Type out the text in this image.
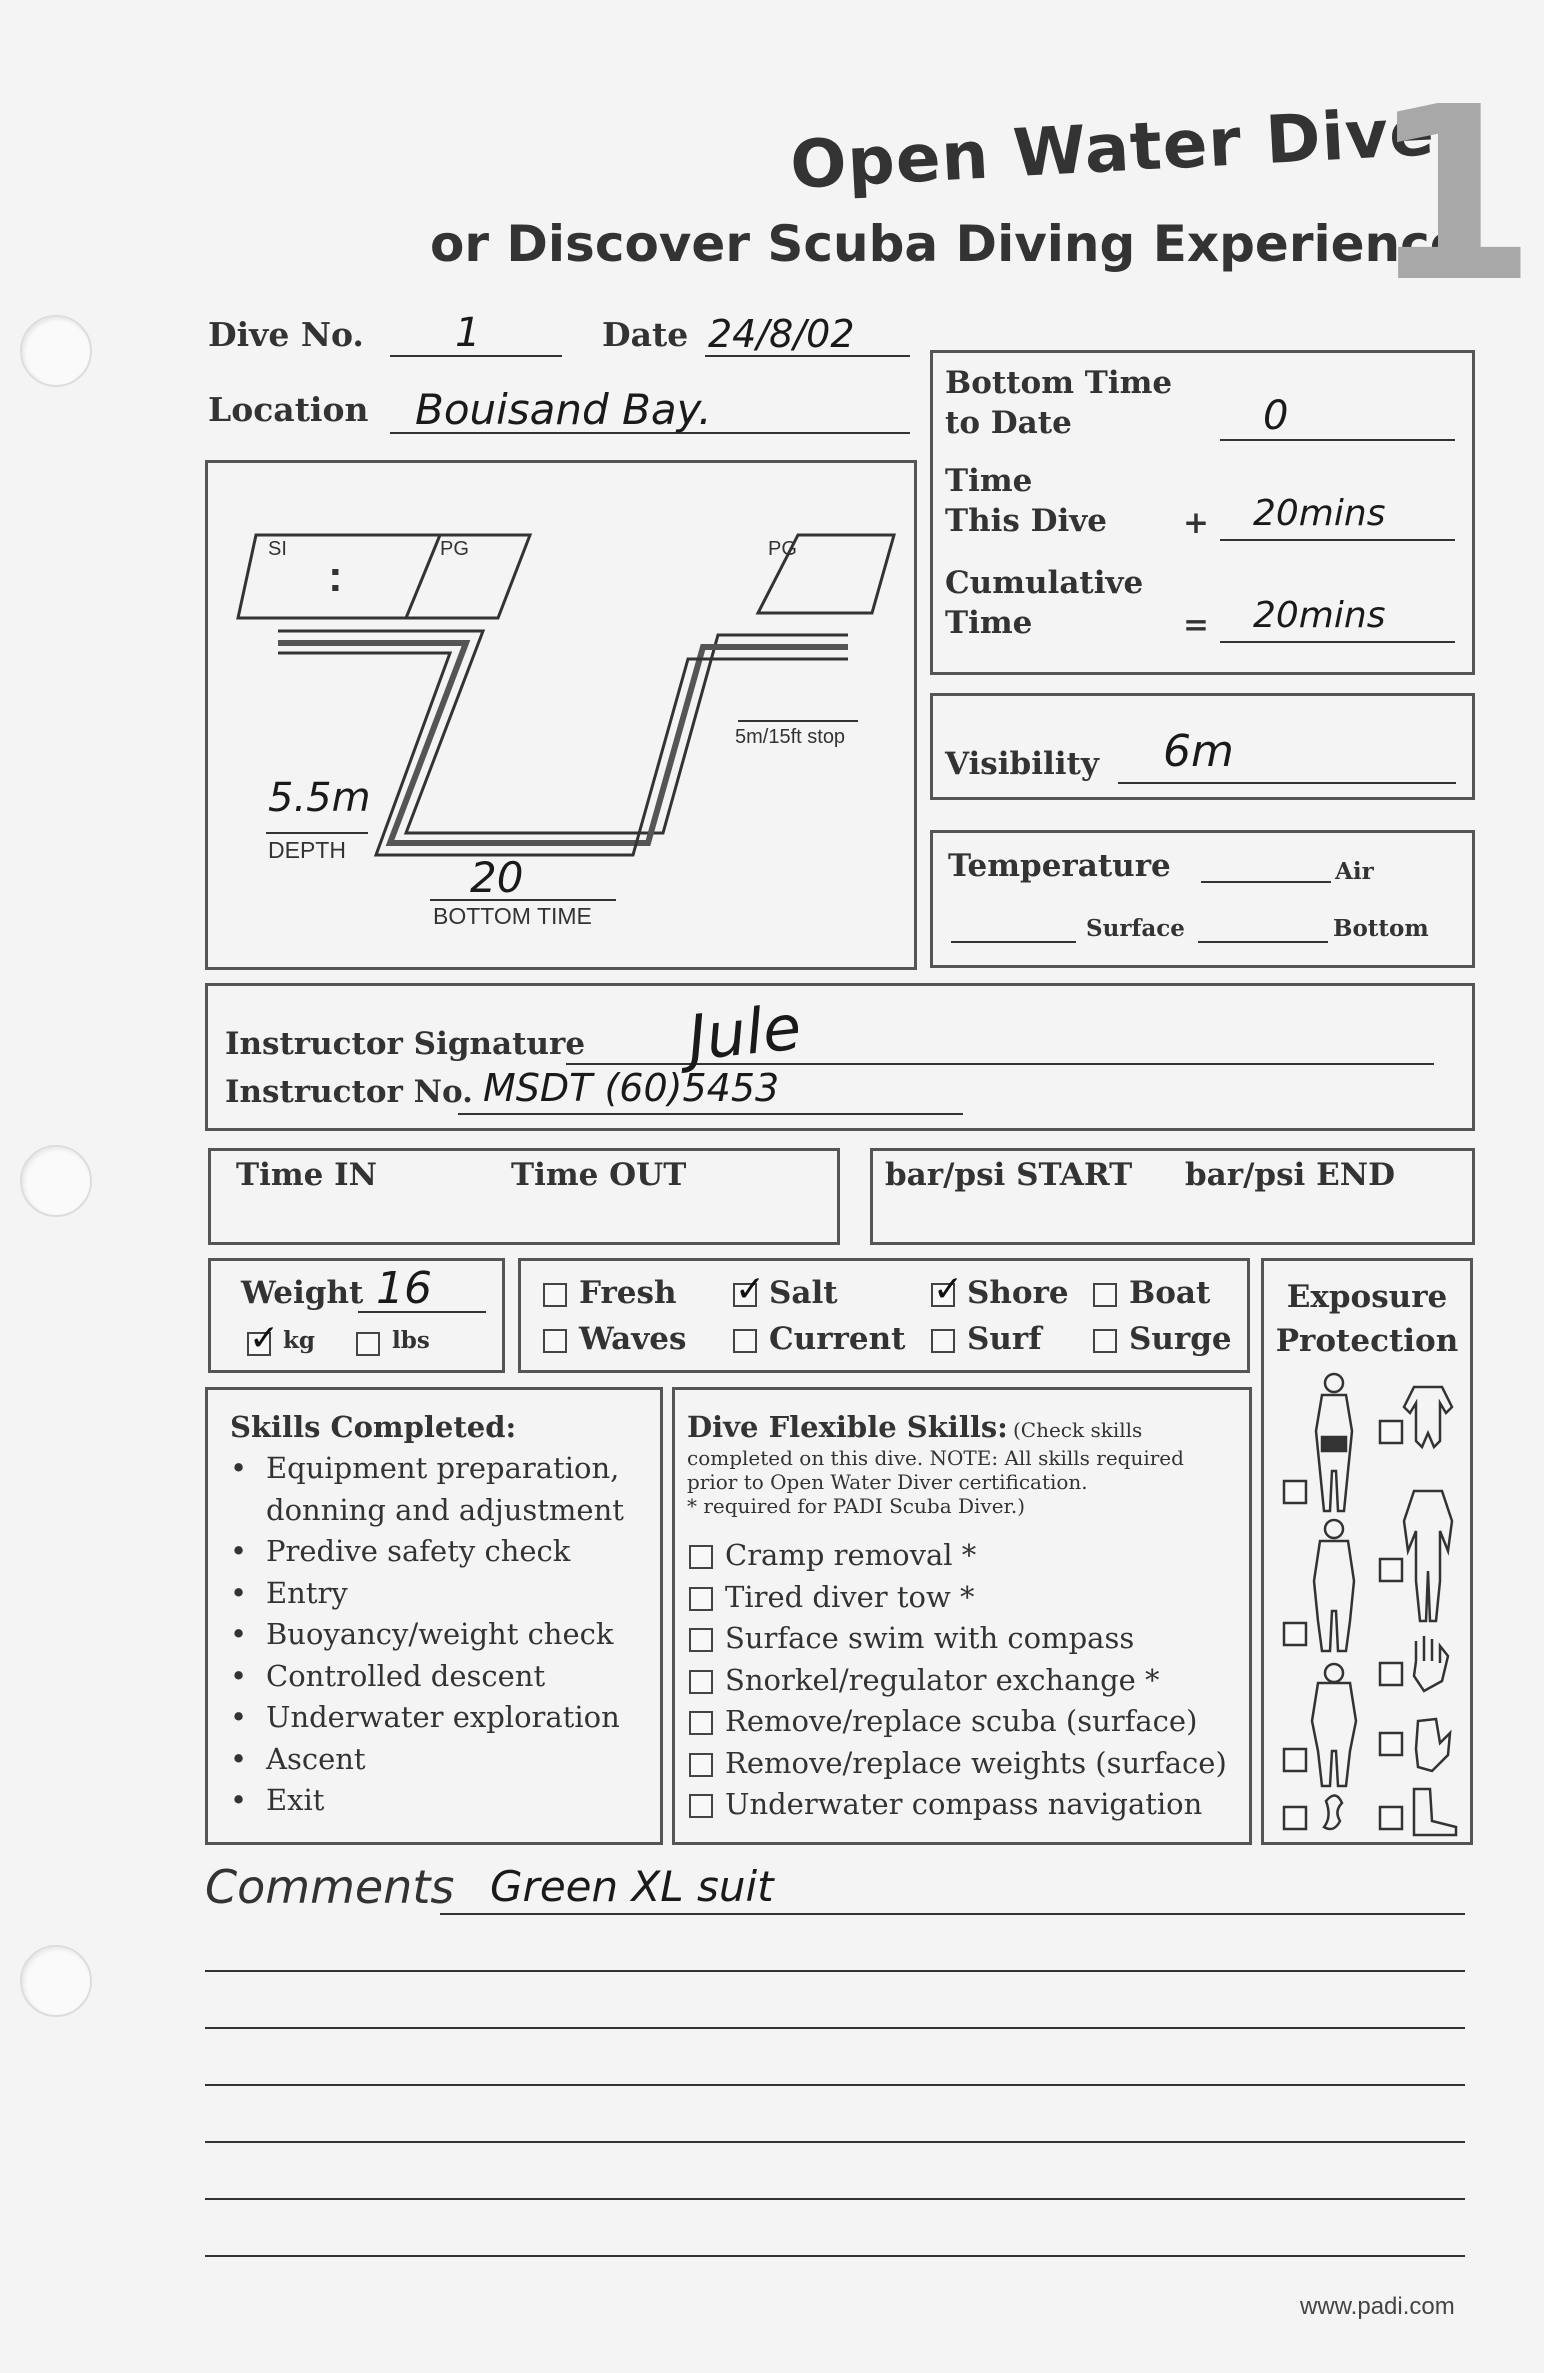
Open Water Dive
or Discover Scuba Diving Experience
1
Dive No. 1	Date 24/8/02
Location Bouisand Bay.
SI
:
PG	PG
5m/15ft stop
5.5m
DEPTH
20
BOTTOM TIME
Bottom Time
to Date	0
Time
This Dive + 20mins
Cumulative
Time	= 20mins
Visibility 6m
Temperature	Air
Surface	Bottom
Instructor Signature Jule
Instructor No. MSDT (60)5453
Time IN	Time OUT	bar/psi START bar/psi END
Weight 16
✓kg	lbs
Fresh ✓	Salt ✓	Shore	Boat
Waves	Current	Surf	Surge
Exposure
Protection
Skills Completed:
• Equipment preparation,
donning and adjustment
• Predive safety check
• Entry
• Buoyancy/weight check
• Controlled descent
• Underwater exploration
• Ascent
• Exit
Dive Flexible Skills: (Check skills
completed on this dive. NOTE: All skills required
prior to Open Water Diver certification.
* required for PADI Scuba Diver.)
Cramp removal *
Tired diver tow *
Surface swim with compass
Snorkel/regulator exchange *
Remove/replace scuba (surface)
Remove/replace weights (surface)
Underwater compass navigation
Comments Green XL suit
www.padi.com
